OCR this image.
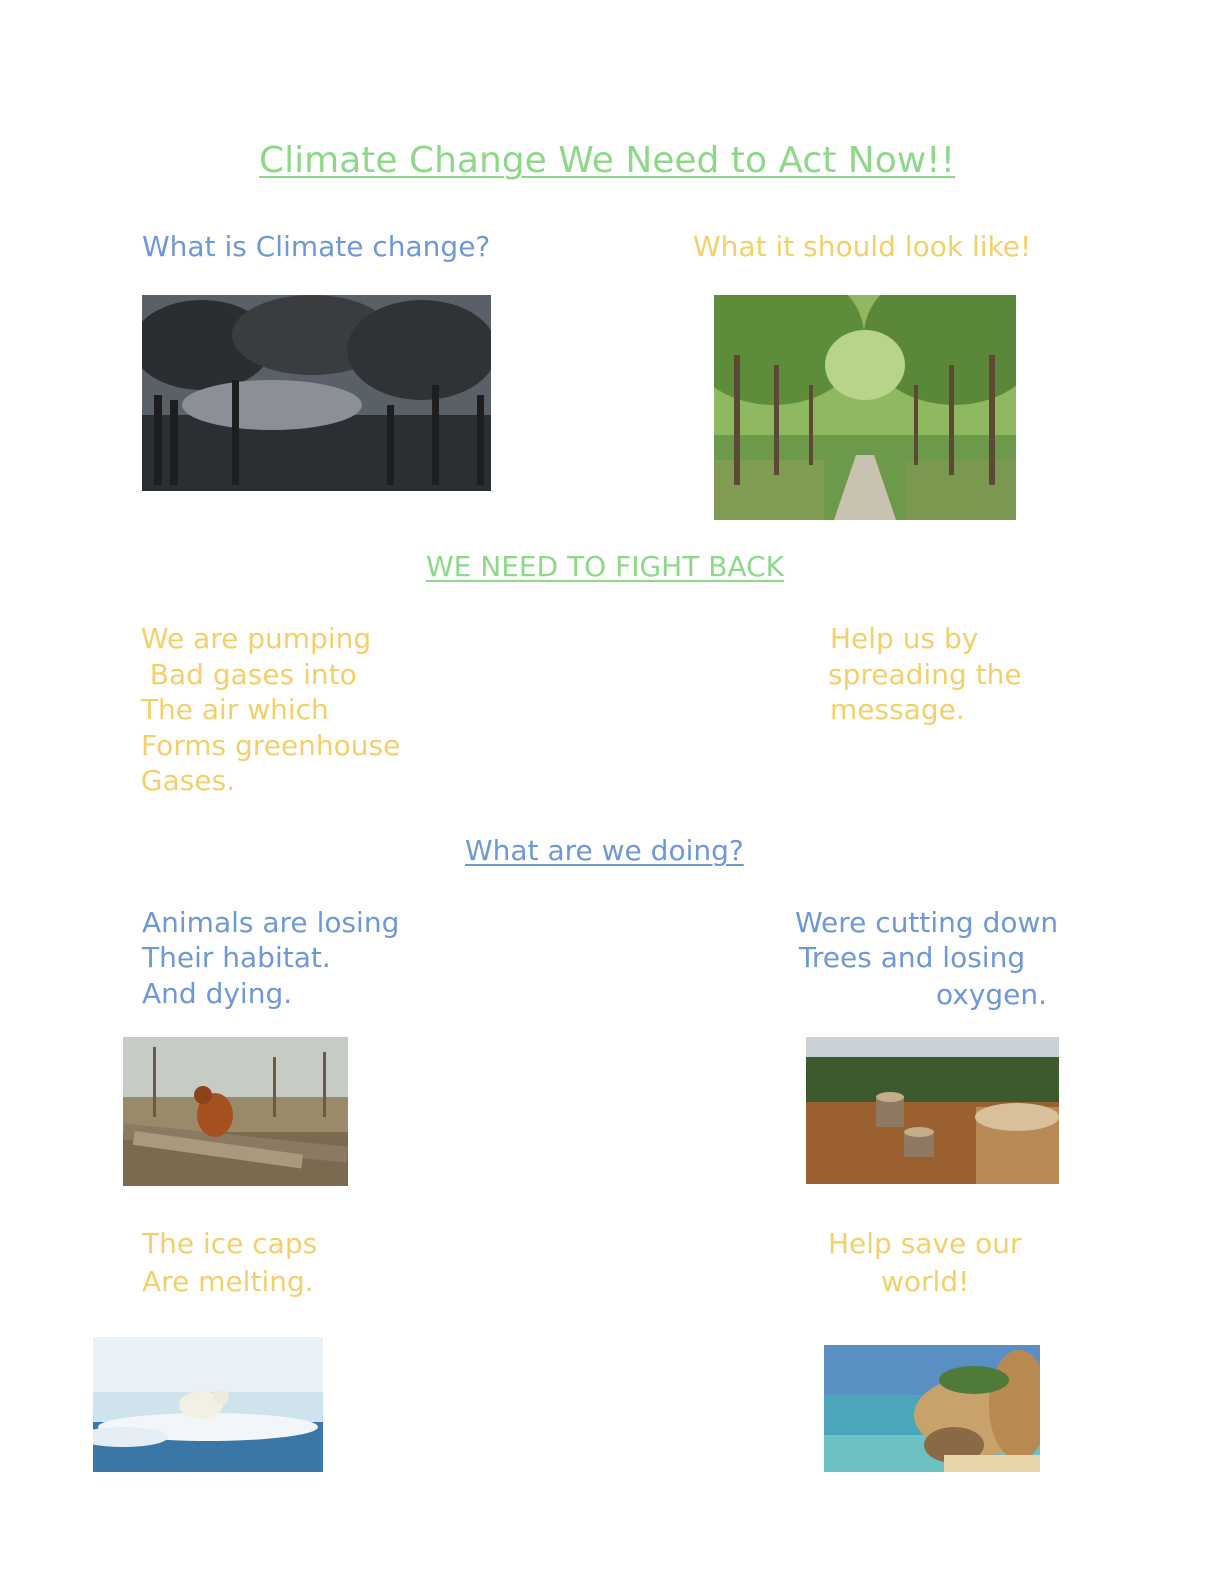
Climate Change We Need to Act Now!!
What is Climate change?	What it should look like!
WE NEED TO FIGHT BACK
We are pumping
Bad gases into
The air which
Forms greenhouse
Gases.
Help us by
spreading the
message.
What are we doing?
Animals are losing
Their habitat.
And dying.
Were cutting down
Trees and losing
oxygen.
The ice caps
Are melting.
Help save our
world!
